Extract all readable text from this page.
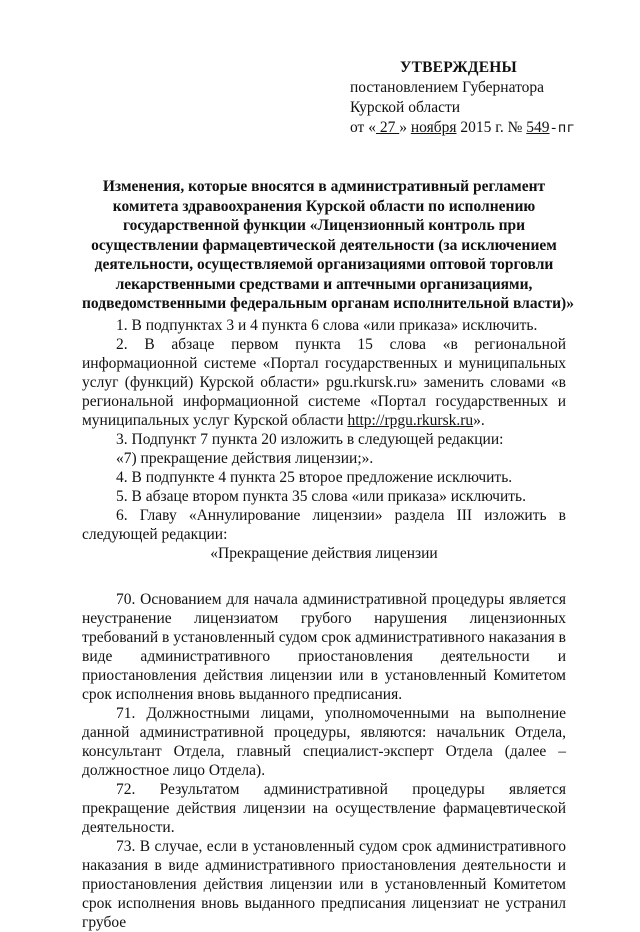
УТВЕРЖДЕНЫ
постановлением Губернатора
Курской области
от « 27 » ноября 2015 г. № 549-пг
Изменения, которые вносятся в административный регламент
комитета здравоохранения Курской области по исполнению
государственной функции «Лицензионный контроль при
осуществлении фармацевтической деятельности (за исключением
деятельности, осуществляемой организациями оптовой торговли
лекарственными средствами и аптечными организациями,
подведомственными федеральным органам исполнительной власти)»

1. В подпунктах 3 и 4 пункта 6 слова «или приказа» исключить.

2. В абзаце первом пункта 15 слова «в региональной информационной системе «Портал государственных и муниципальных услуг (функций) Курской области» pgu.rkursk.ru» заменить словами «в региональной информационной системе «Портал государственных и муниципальных услуг Курской области http://rpgu.rkursk.ru».

3. Подпункт 7 пункта 20 изложить в следующей редакции:

«7) прекращение действия лицензии;».

4. В подпункте 4 пункта 25 второе предложение исключить.

5. В абзаце втором пункта 35 слова «или приказа» исключить.

6. Главу «Аннулирование лицензии» раздела III изложить в следующей редакции:

«Прекращение действия лицензии

70. Основанием для начала административной процедуры является неустранение лицензиатом грубого нарушения лицензионных требований в установленный судом срок административного наказания в виде административного приостановления деятельности и приостановления действия лицензии или в установленный Комитетом срок исполнения вновь выданного предписания.

71. Должностными лицами, уполномоченными на выполнение данной административной процедуры, являются: начальник Отдела, консультант Отдела, главный специалист-эксперт Отдела (далее – должностное лицо Отдела).

72. Результатом административной процедуры является прекращение действия лицензии на осуществление фармацевтической деятельности.

73. В случае, если в установленный судом срок административного наказания в виде административного приостановления деятельности и приостановления действия лицензии или в установленный Комитетом срок исполнения вновь выданного предписания лицензиат не устранил грубое
